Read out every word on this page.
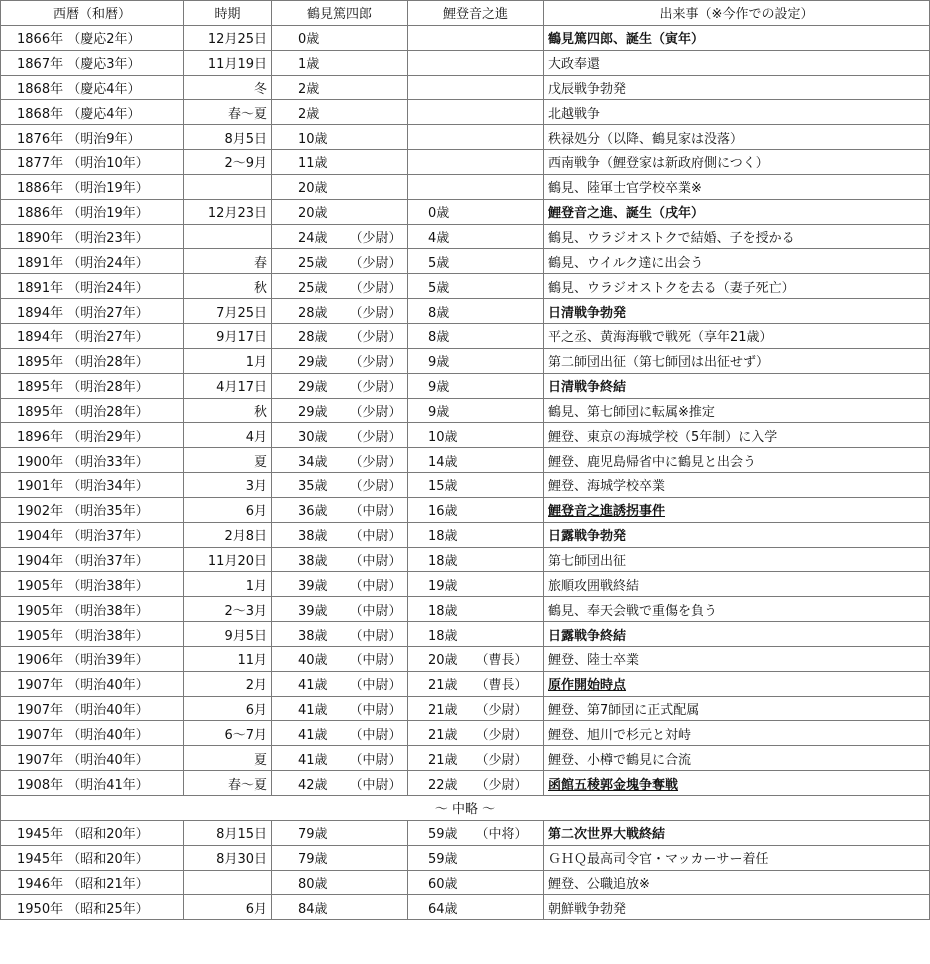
西暦（和暦）	時期	鶴見篤四郎	鯉登音之進	出来事（※今作での設定）
1866年 （慶応2年）	12月25日	0歳		鶴見篤四郎、誕生（寅年）
1867年 （慶応3年）	11月19日	1歳		大政奉還
1868年 （慶応4年）	冬	2歳		戊辰戦争勃発
1868年 （慶応4年）	春～夏	2歳		北越戦争
1876年 （明治9年）	8月5日	10歳		秩禄処分（以降、鶴見家は没落）
1877年 （明治10年）	2～9月	11歳		西南戦争（鯉登家は新政府側につく）
1886年 （明治19年）		20歳		鶴見、陸軍士官学校卒業※
1886年 （明治19年）	12月23日	20歳	0歳	鯉登音之進、誕生（戌年）
1890年 （明治23年）		24歳 （少尉）	4歳	鶴見、ウラジオストクで結婚、子を授かる
1891年 （明治24年）	春	25歳 （少尉）	5歳	鶴見、ウイルク達に出会う
1891年 （明治24年）	秋	25歳 （少尉）	5歳	鶴見、ウラジオストクを去る（妻子死亡）
1894年 （明治27年）	7月25日	28歳 （少尉）	8歳	日清戦争勃発
1894年 （明治27年）	9月17日	28歳 （少尉）	8歳	平之丞、黄海海戦で戦死（享年21歳）
1895年 （明治28年）	1月	29歳 （少尉）	9歳	第二師団出征（第七師団は出征せず）
1895年 （明治28年）	4月17日	29歳 （少尉）	9歳	日清戦争終結
1895年 （明治28年）	秋	29歳 （少尉）	9歳	鶴見、第七師団に転属※推定
1896年 （明治29年）	4月	30歳 （少尉）	10歳	鯉登、東京の海城学校（5年制）に入学
1900年 （明治33年）	夏	34歳 （少尉）	14歳	鯉登、鹿児島帰省中に鶴見と出会う
1901年 （明治34年）	3月	35歳 （少尉）	15歳	鯉登、海城学校卒業
1902年 （明治35年）	6月	36歳 （中尉）	16歳	鯉登音之進誘拐事件
1904年 （明治37年）	2月8日	38歳 （中尉）	18歳	日露戦争勃発
1904年 （明治37年）	11月20日	38歳 （中尉）	18歳	第七師団出征
1905年 （明治38年）	1月	39歳 （中尉）	19歳	旅順攻囲戦終結
1905年 （明治38年）	2～3月	39歳 （中尉）	18歳	鶴見、奉天会戦で重傷を負う
1905年 （明治38年）	9月5日	38歳 （中尉）	18歳	日露戦争終結
1906年 （明治39年）	11月	40歳 （中尉）	20歳 （曹長）	鯉登、陸士卒業
1907年 （明治40年）	2月	41歳 （中尉）	21歳 （曹長）	原作開始時点
1907年 （明治40年）	6月	41歳 （中尉）	21歳 （少尉）	鯉登、第7師団に正式配属
1907年 （明治40年）	6～7月	41歳 （中尉）	21歳 （少尉）	鯉登、旭川で杉元と対峙
1907年 （明治40年）	夏	41歳 （中尉）	21歳 （少尉）	鯉登、小樽で鶴見に合流
1908年 （明治41年）	春～夏	42歳 （中尉）	22歳 （少尉）	函館五稜郭金塊争奪戦
〜 中略 〜				
1945年 （昭和20年）	8月15日	79歳	59歳 （中将）	第二次世界大戦終結
1945年 （昭和20年）	8月30日	79歳	59歳	ＧＨＱ最高司令官・マッカーサー着任
1946年 （昭和21年）		80歳	60歳	鯉登、公職追放※
1950年 （昭和25年）	6月	84歳	64歳	朝鮮戦争勃発
